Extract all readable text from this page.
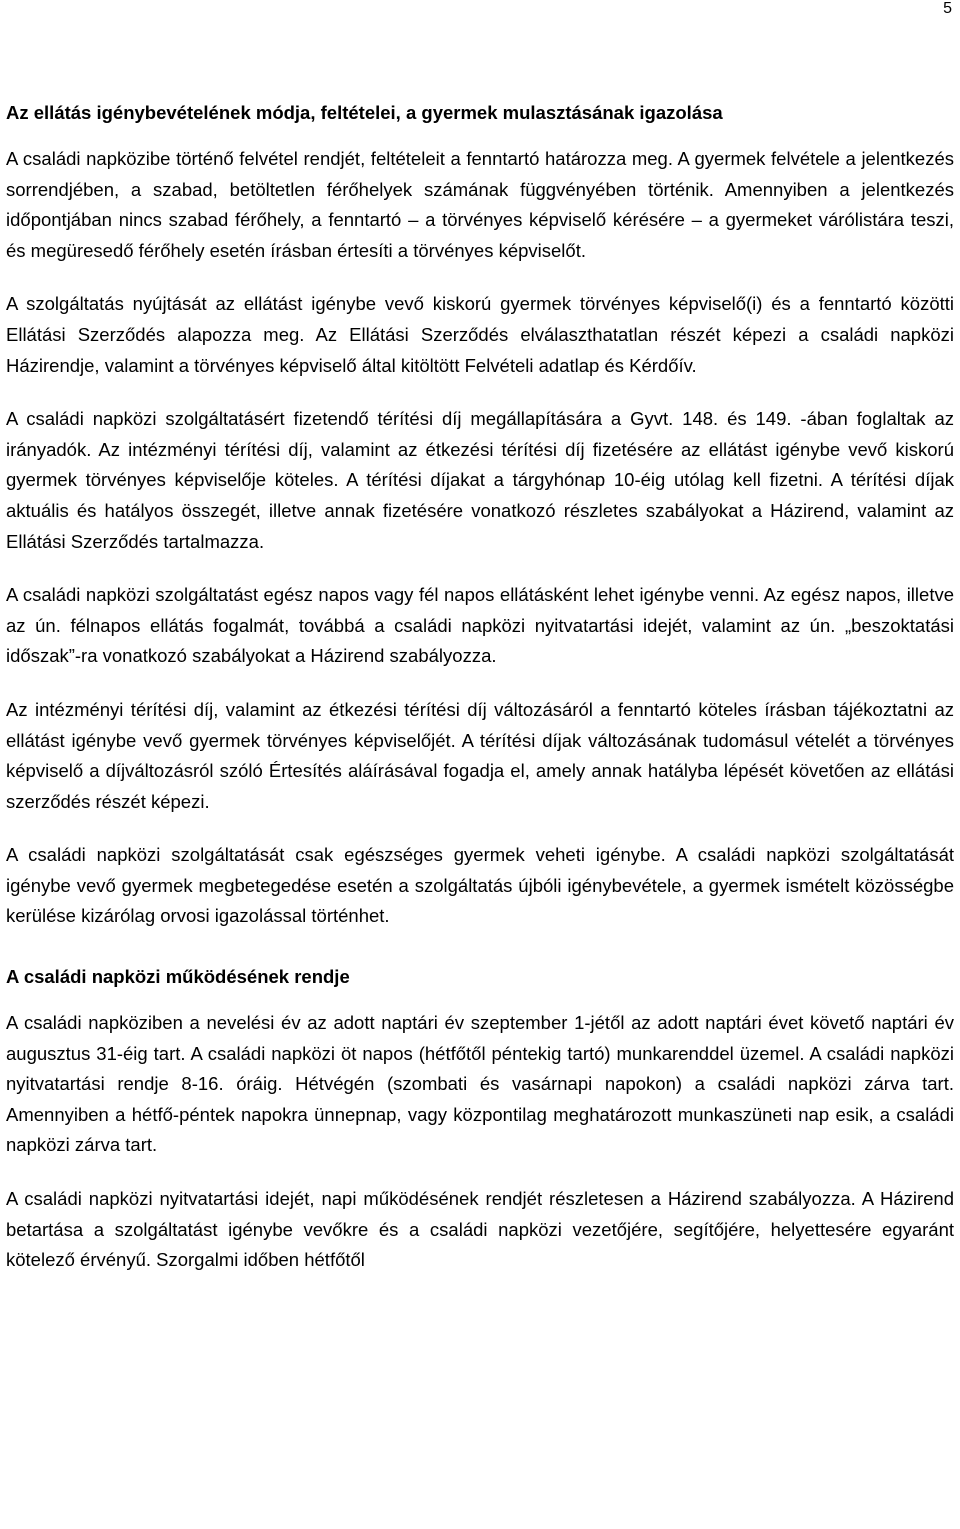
5
Az ellátás igénybevételének módja, feltételei, a gyermek mulasztásának igazolása
A családi napközibe történő felvétel rendjét, feltételeit a fenntartó határozza meg. A gyermek felvétele a jelentkezés sorrendjében, a szabad, betöltetlen férőhelyek számának függvényében történik. Amennyiben a jelentkezés időpontjában nincs szabad férőhely, a fenntartó – a törvényes képviselő kérésére – a gyermeket várólistára teszi, és megüresedő férőhely esetén írásban értesíti a törvényes képviselőt.
A szolgáltatás nyújtását az ellátást igénybe vevő kiskorú gyermek törvényes képviselő(i) és a fenntartó közötti Ellátási Szerződés alapozza meg. Az Ellátási Szerződés elválaszthatatlan részét képezi a családi napközi Házirendje, valamint a törvényes képviselő által kitöltött Felvételi adatlap és Kérdőív.
A családi napközi szolgáltatásért fizetendő térítési díj megállapítására a Gyvt. 148. és 149. -ában foglaltak az irányadók. Az intézményi térítési díj, valamint az étkezési térítési díj fizetésére az ellátást igénybe vevő kiskorú gyermek törvényes képviselője köteles. A térítési díjakat a tárgyhónap 10-éig utólag kell fizetni. A térítési díjak aktuális és hatályos összegét, illetve annak fizetésére vonatkozó részletes szabályokat a Házirend, valamint az Ellátási Szerződés tartalmazza.
A családi napközi szolgáltatást egész napos vagy fél napos ellátásként lehet igénybe venni. Az egész napos, illetve az ún. félnapos ellátás fogalmát, továbbá a családi napközi nyitvatartási idejét, valamint az ún. „beszoktatási időszak”-ra vonatkozó szabályokat a Házirend szabályozza.
Az intézményi térítési díj, valamint az étkezési térítési díj változásáról a fenntartó köteles írásban tájékoztatni az ellátást igénybe vevő gyermek törvényes képviselőjét. A térítési díjak változásának tudomásul vételét a törvényes képviselő a díjváltozásról szóló Értesítés aláírásával fogadja el, amely annak hatályba lépését követően az ellátási szerződés részét képezi.
A családi napközi szolgáltatását csak egészséges gyermek veheti igénybe. A családi napközi szolgáltatását igénybe vevő gyermek megbetegedése esetén a szolgáltatás újbóli igénybevétele, a gyermek ismételt közösségbe kerülése kizárólag orvosi igazolással történhet.
A családi napközi működésének rendje
A családi napköziben a nevelési év az adott naptári év szeptember 1-jétől az adott naptári évet követő naptári év augusztus 31-éig tart. A családi napközi öt napos (hétfőtől péntekig tartó) munkarenddel üzemel. A családi napközi nyitvatartási rendje 8-16. óráig. Hétvégén (szombati és vasárnapi napokon) a családi napközi zárva tart. Amennyiben a hétfő-péntek napokra ünnepnap, vagy központilag meghatározott munkaszüneti nap esik, a családi napközi zárva tart.
A családi napközi nyitvatartási idejét, napi működésének rendjét részletesen a Házirend szabályozza. A Házirend betartása a szolgáltatást igénybe vevőkre és a családi napközi vezetőjére, segítőjére, helyettesére egyaránt kötelező érvényű. Szorgalmi időben hétfőtől
